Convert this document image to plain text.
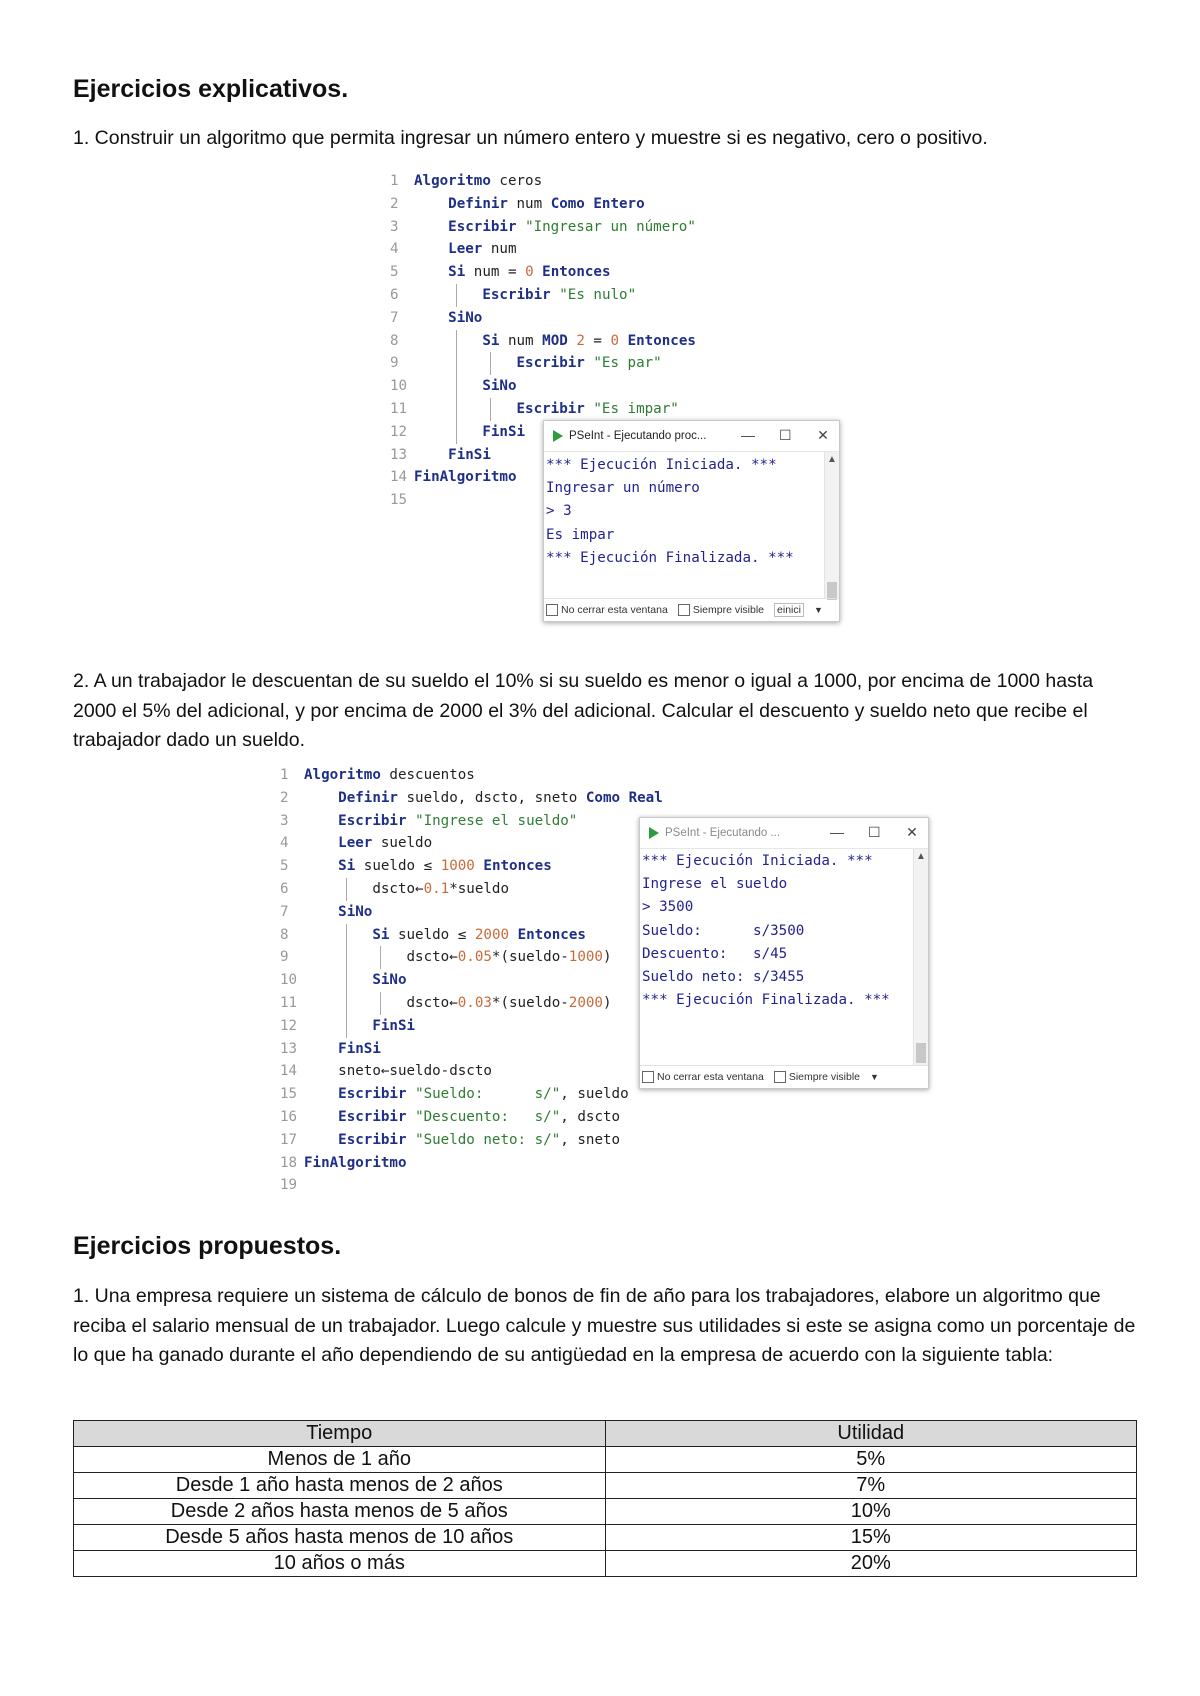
Ejercicios explicativos.

1. Construir un algoritmo que permita ingresar un número entero y muestre si es negativo, cero o positivo.

1 Algoritmo ceros
2	Definir num Como Entero
3	Escribir "Ingresar un número"
4	Leer num
5	Si num = 0 Entonces
6	Escribir "Es nulo"
7	SiNo
8	Si num MOD 2 = 0 Entonces
9	Escribir "Es par"
10	SiNo
11	Escribir "Es impar"
12	FinSi
13	FinSi
14 FinAlgoritmo
15
PSeInt - Ejecutando proc... — ☐ ✕
*** Ejecución Iniciada. ***
Ingresar un número
> 3
Es impar
*** Ejecución Finalizada. ***
▲
No cerrar esta ventana Siempre visible einici	▼

2. A un trabajador le descuentan de su sueldo el 10% si su sueldo es menor o igual a 1000, por encima de 1000 hasta 2000 el 5% del adicional, y por encima de 2000 el 3% del adicional. Calcular el descuento y sueldo neto que recibe el trabajador dado un sueldo.

1 Algoritmo descuentos
2	Definir sueldo, dscto, sneto Como Real
3	Escribir "Ingrese el sueldo"
4	Leer sueldo
5	Si sueldo ≤ 1000 Entonces
6	dscto←0.1*sueldo
7	SiNo
8	Si sueldo ≤ 2000 Entonces
9	dscto←0.05*(sueldo-1000)
10	SiNo
11	dscto←0.03*(sueldo-2000)
12	FinSi
13	FinSi
14	sneto←sueldo-dscto
15	Escribir "Sueldo:      s/", sueldo
16	Escribir "Descuento:   s/", dscto
17	Escribir "Sueldo neto: s/", sneto
18 FinAlgoritmo
19
PSeInt - Ejecutando ...	— ☐ ✕
*** Ejecución Iniciada. ***
Ingrese el sueldo
> 3500
Sueldo:      s/3500
Descuento:   s/45
Sueldo neto: s/3455
*** Ejecución Finalizada. ***
▲
No cerrar esta ventana Siempre visible ▼
Ejercicios propuestos.

1. Una empresa requiere un sistema de cálculo de bonos de fin de año para los trabajadores, elabore un algoritmo que reciba el salario mensual de un trabajador. Luego calcule y muestre sus utilidades si este se asigna como un porcentaje de lo que ha ganado durante el año dependiendo de su antigüedad en la empresa de acuerdo con la siguiente tabla:

Tiempo	Utilidad
Menos de 1 año	5%
Desde 1 año hasta menos de 2 años	7%
Desde 2 años hasta menos de 5 años	10%
Desde 5 años hasta menos de 10 años	15%
10 años o más	20%
